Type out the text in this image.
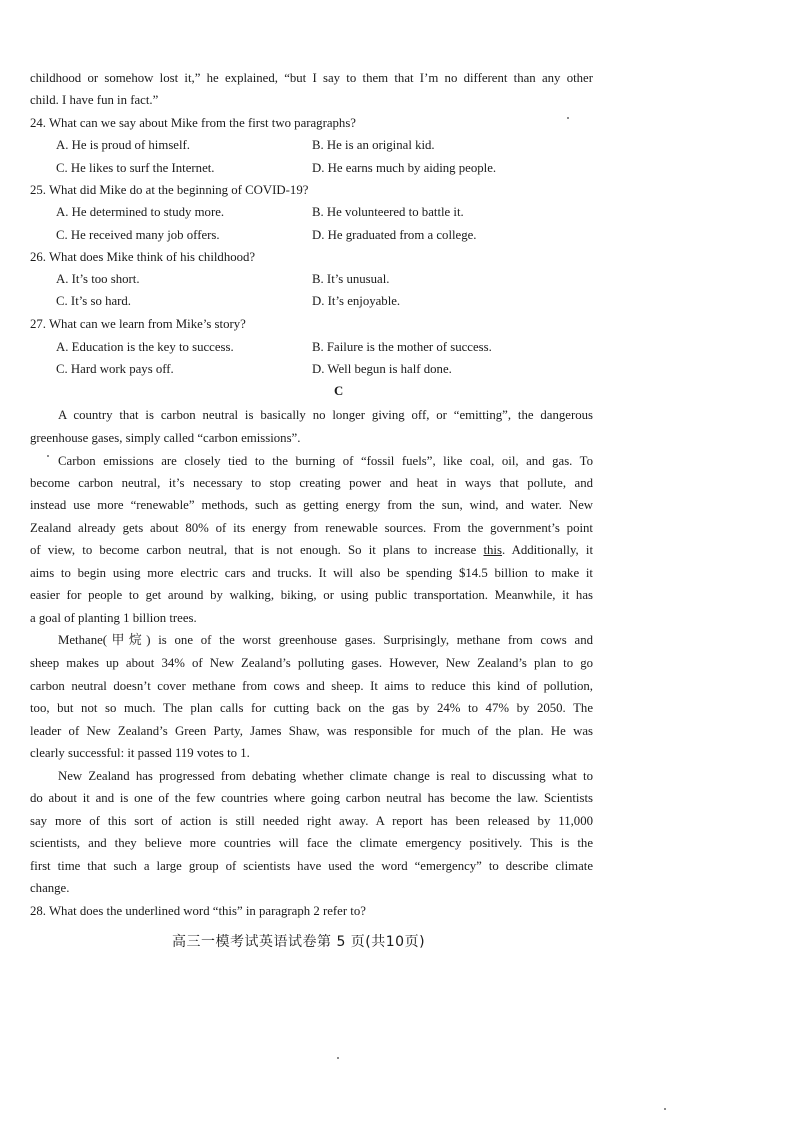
childhood or somehow lost it,” he explained, “but I say to them that I’m no different than any other
child. I have fun in fact.”
24. What can we say about Mike from the first two paragraphs?
A. He is proud of himself.	B. He is an original kid.
C. He likes to surf the Internet.	D. He earns much by aiding people.
25. What did Mike do at the beginning of COVID-19?
A. He determined to study more.	B. He volunteered to battle it.
C. He received many job offers.	D. He graduated from a college.
26. What does Mike think of his childhood?
A. It’s too short.	B. It’s unusual.
C. It’s so hard.	D. It’s enjoyable.
27. What can we learn from Mike’s story?
A. Education is the key to success.	B. Failure is the mother of success.
C. Hard work pays off.	D. Well begun is half done.
C
A country that is carbon neutral is basically no longer giving off, or “emitting”, the dangerous
greenhouse gases, simply called “carbon emissions”.
Carbon emissions are closely tied to the burning of “fossil fuels”, like coal, oil, and gas. To
become carbon neutral, it’s necessary to stop creating power and heat in ways that pollute, and
instead use more “renewable” methods, such as getting energy from the sun, wind, and water. New
Zealand already gets about 80% of its energy from renewable sources. From the government’s point
of view, to become carbon neutral, that is not enough. So it plans to increase this. Additionally, it
aims to begin using more electric cars and trucks. It will also be spending $14.5 billion to make it
easier for people to get around by walking, biking, or using public transportation. Meanwhile, it has
a goal of planting 1 billion trees.
Methane(甲烷) is one of the worst greenhouse gases. Surprisingly, methane from cows and
sheep makes up about 34% of New Zealand’s polluting gases. However, New Zealand’s plan to go
carbon neutral doesn’t cover methane from cows and sheep. It aims to reduce this kind of pollution,
too, but not so much. The plan calls for cutting back on the gas by 24% to 47% by 2050. The
leader of New Zealand’s Green Party, James Shaw, was responsible for much of the plan. He was
clearly successful: it passed 119 votes to 1.
New Zealand has progressed from debating whether climate change is real to discussing what to
do about it and is one of the few countries where going carbon neutral has become the law. Scientists
say more of this sort of action is still needed right away. A report has been released by 11,000
scientists, and they believe more countries will face the climate emergency positively. This is the
first time that such a large group of scientists have used the word “emergency” to describe climate
change.
28. What does the underlined word “this” in paragraph 2 refer to?
高三一模考试英语试卷第 5 页(共10页)
